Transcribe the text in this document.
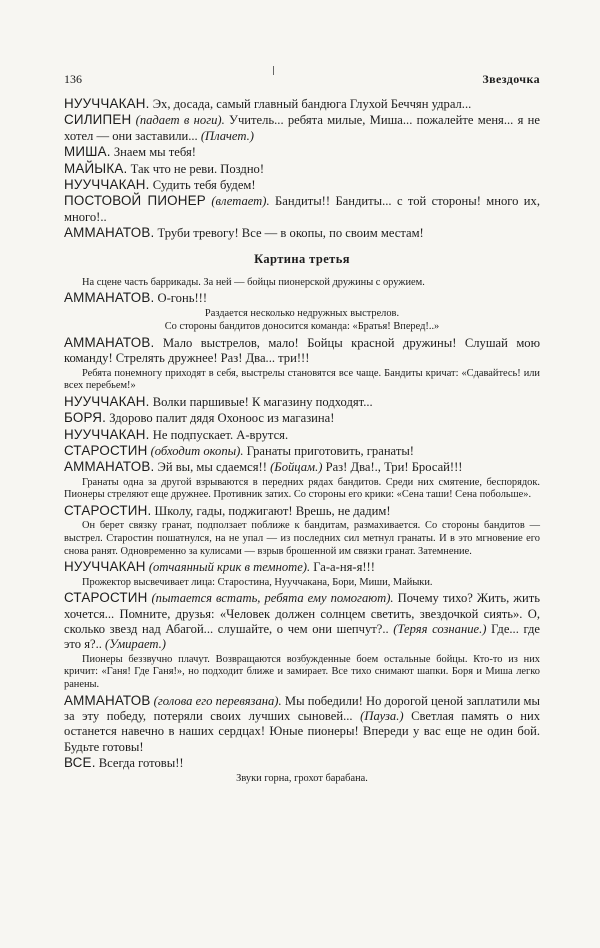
136	Звездочка

НУУЧЧАКАН. Эх, досада, самый главный бандюга Глухой Беччян удрал...

СИЛИПЕН (падает в ноги). Учитель... ребята милые, Миша... пожалейте меня... я не хотел — они заставили... (Плачет.)

МИША. Знаем мы тебя!

МАЙЫКА. Так что не реви. Поздно!

НУУЧЧАКАН. Судить тебя будем!

ПОСТОВОЙ ПИОНЕР (влетает). Бандиты!! Бандиты... с той стороны! много их, много!..

АММАНАТОВ. Труби тревогу! Все — в окопы, по своим местам!

Картина третья

На сцене часть баррикады. За ней — бойцы пионерской дружины с оружием.

АММАНАТОВ. О-гонь!!!

Раздается несколько недружных выстрелов.

Со стороны бандитов доносится команда: «Братья! Вперед!..»

АММАНАТОВ. Мало выстрелов, мало! Бойцы красной дружины! Слушай мою команду! Стрелять дружнее! Раз! Два... три!!!

Ребята понемногу приходят в себя, выстрелы становятся все чаще. Бандиты кричат: «Сдавайтесь! или всех перебьем!»

НУУЧЧАКАН. Волки паршивые! К магазину подходят...

БОРЯ. Здорово палит дядя Охоноос из магазина!

НУУЧЧАКАН. Не подпускает. А-врутся.

СТАРОСТИН (обходит окопы). Гранаты приготовить, гранаты!

АММАНАТОВ. Эй вы, мы сдаемся!! (Бойцам.) Раз! Два!., Три! Бросай!!!

Гранаты одна за другой взрываются в передних рядах бандитов. Среди них смятение, беспорядок. Пионеры стреляют еще дружнее. Противник затих. Со стороны его крики: «Сена таши! Сена побольше».

СТАРОСТИН. Школу, гады, поджигают! Врешь, не дадим!

Он берет связку гранат, подползает поближе к бандитам, размахивается. Со стороны бандитов — выстрел. Старостин пошатнулся, на не упал — из последних сил метнул гранаты. И в это мгновение его снова ранят. Одновременно за кулисами — взрыв брошенной им связки гранат. Затемнение.

НУУЧЧАКАН (отчаянный крик в темноте). Га-а-ня-я!!!

Прожектор высвечивает лица: Старостина, Нууччакана, Бори, Миши, Майыки.

СТАРОСТИН (пытается встать, ребята ему помогают). Почему тихо? Жить, жить хочется... Помните, друзья: «Человек должен солнцем светить, звездочкой сиять». О, сколько звезд над Абагой... слушайте, о чем они шепчут?.. (Теряя сознание.) Где... где это я?.. (Умирает.)

Пионеры беззвучно плачут. Возвращаются возбужденные боем остальные бойцы. Кто-то из них кричит: «Ганя! Где Ганя!», но подходит ближе и замирает. Все тихо снимают шапки. Боря и Миша легко ранены.

АММАНАТОВ (голова его перевязана). Мы победили! Но дорогой ценой заплатили мы за эту победу, потеряли своих лучших сыновей... (Пауза.) Светлая память о них останется навечно в наших сердцах! Юные пионеры! Впереди у вас еще не один бой. Будьте готовы!

ВСЕ. Всегда готовы!!

Звуки горна, грохот барабана.
